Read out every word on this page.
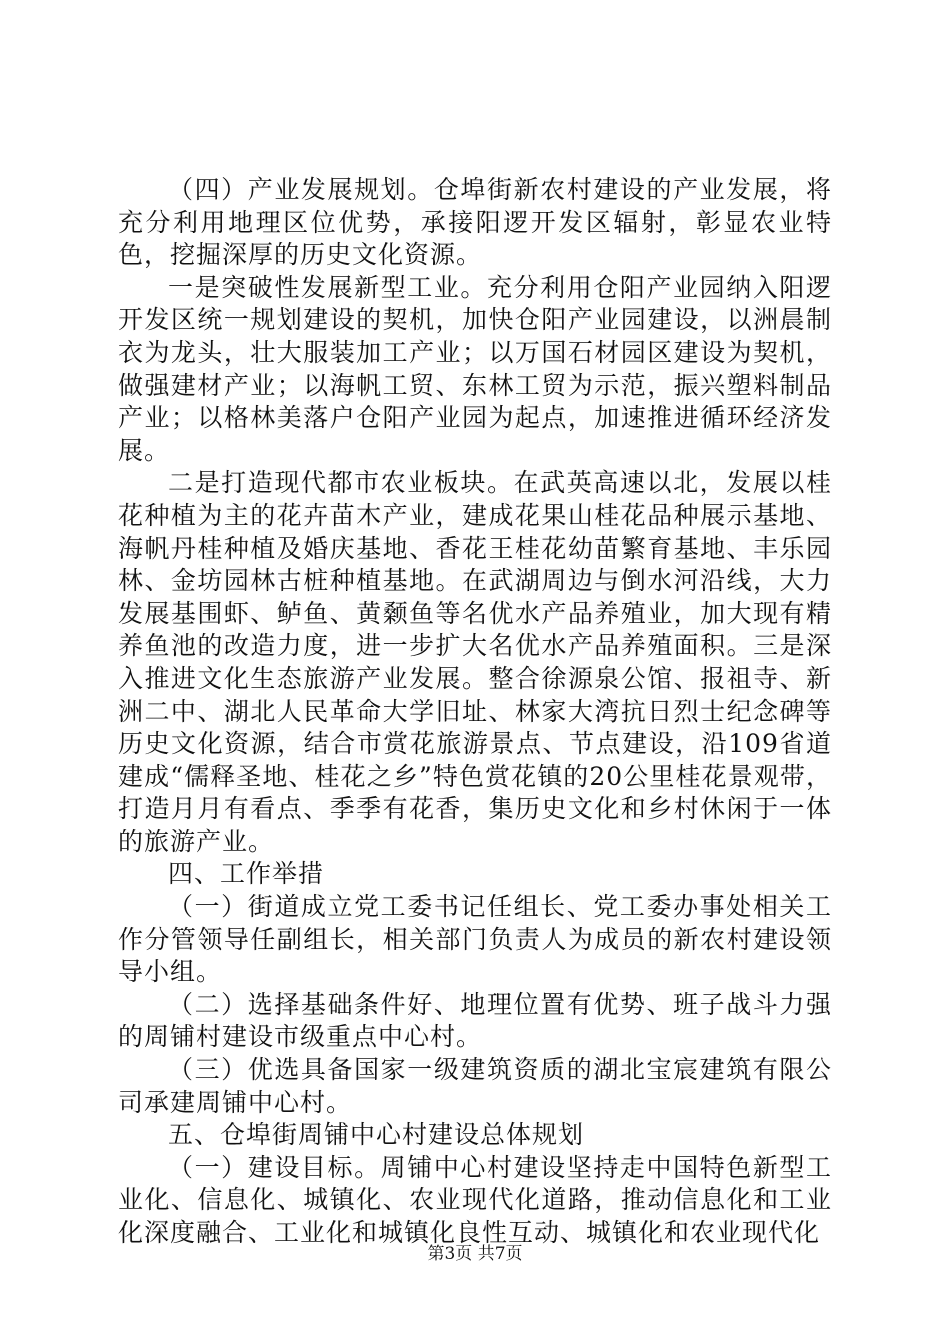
（四）产业发展规划。仓埠街新农村建设的产业发展，将充分利用地理区位优势，承接阳逻开发区辐射，彰显农业特色，挖掘深厚的历史文化资源。

一是突破性发展新型工业。充分利用仓阳产业园纳入阳逻开发区统一规划建设的契机，加快仓阳产业园建设，以洲晨制衣为龙头，壮大服装加工产业；以万国石材园区建设为契机，做强建材产业；以海帆工贸、东林工贸为示范，振兴塑料制品产业；以格林美落户仓阳产业园为起点，加速推进循环经济发展。

二是打造现代都市农业板块。在武英高速以北，发展以桂花种植为主的花卉苗木产业，建成花果山桂花品种展示基地、海帆丹桂种植及婚庆基地、香花王桂花幼苗繁育基地、丰乐园林、金坊园林古桩种植基地。在武湖周边与倒水河沿线，大力发展基围虾、鲈鱼、黄颡鱼等名优水产品养殖业，加大现有精养鱼池的改造力度，进一步扩大名优水产品养殖面积。三是深入推进文化生态旅游产业发展。整合徐源泉公馆、报祖寺、新洲二中、湖北人民革命大学旧址、林家大湾抗日烈士纪念碑等历史文化资源，结合市赏花旅游景点、节点建设，沿109省道建成“儒释圣地、桂花之乡”特色赏花镇的20公里桂花景观带，打造月月有看点、季季有花香，集历史文化和乡村休闲于一体的旅游产业。

四、工作举措

（一）街道成立党工委书记任组长、党工委办事处相关工作分管领导任副组长，相关部门负责人为成员的新农村建设领导小组。

（二）选择基础条件好、地理位置有优势、班子战斗力强的周铺村建设市级重点中心村。

（三）优选具备国家一级建筑资质的湖北宝宸建筑有限公司承建周铺中心村。

五、仓埠街周铺中心村建设总体规划

（一）建设目标。周铺中心村建设坚持走中国特色新型工业化、信息化、城镇化、农业现代化道路，推动信息化和工业化深度融合、工业化和城镇化良性互动、城镇化和农业现代化

第3页 共7页
